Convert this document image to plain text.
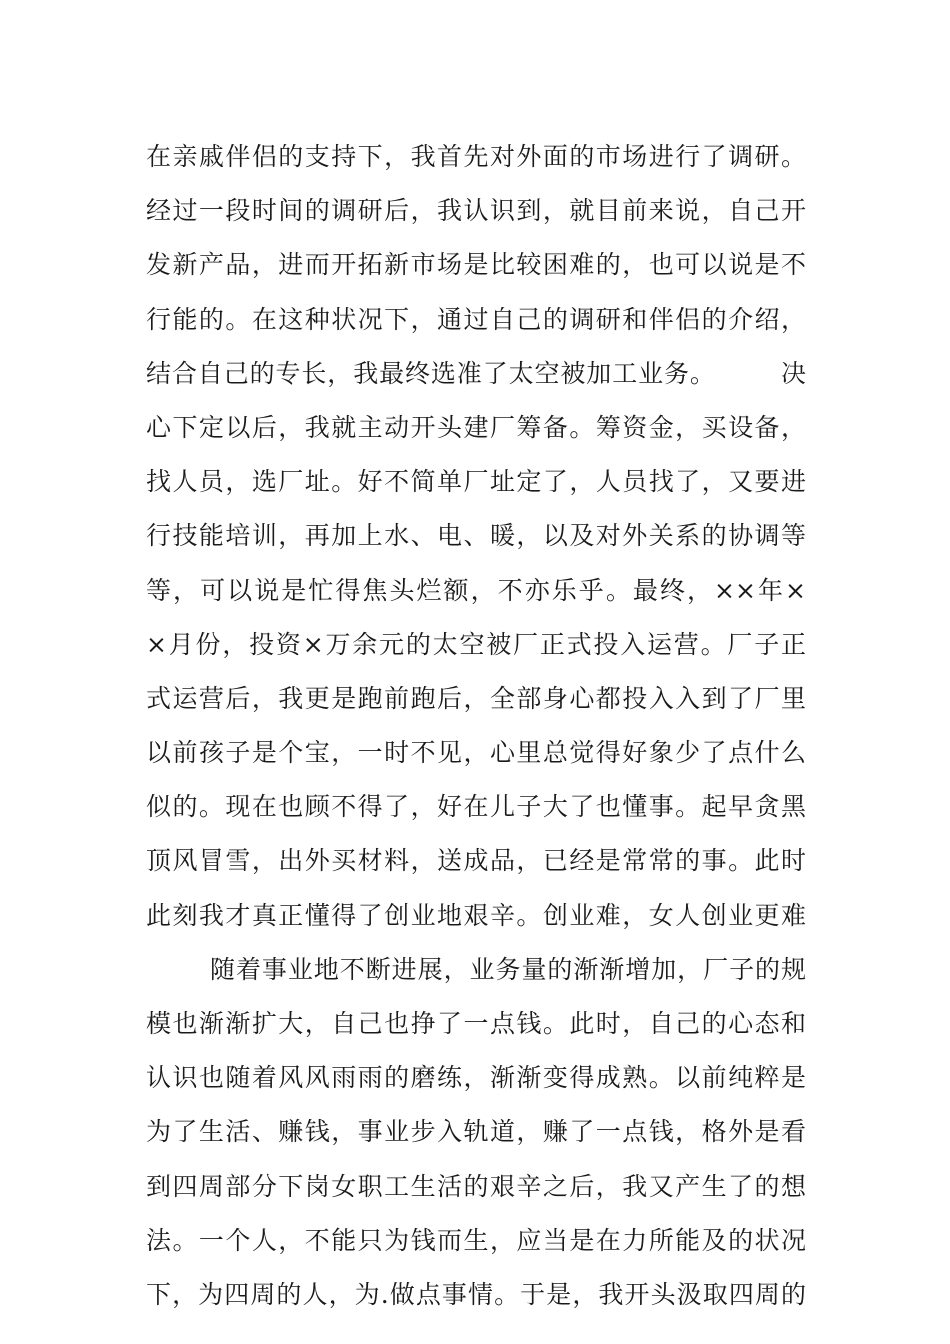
在亲戚伴侣的支持下，我首先对外面的市场进行了调研。
经过一段时间的调研后，我认识到，就目前来说，自己开
发新产品，进而开拓新市场是比较困难的，也可以说是不
行能的。在这种状况下，通过自己的调研和伴侣的介绍，
结合自己的专长，我最终选准了太空被加工业务。　　　决
心下定以后，我就主动开头建厂筹备。筹资金，买设备，
找人员，选厂址。好不简单厂址定了，人员找了，又要进
行技能培训，再加上水、电、暖，以及对外关系的协调等
等，可以说是忙得焦头烂额，不亦乐乎。最终，××年×
×月份，投资×万余元的太空被厂正式投入运营。厂子正
式运营后，我更是跑前跑后，全部身心都投入入到了厂里
以前孩子是个宝，一时不见，心里总觉得好象少了点什么
似的。现在也顾不得了，好在儿子大了也懂事。起早贪黑
顶风冒雪，出外买材料，送成品，已经是常常的事。此时
此刻我才真正懂得了创业地艰辛。创业难，女人创业更难
随着事业地不断进展，业务量的渐渐增加，厂子的规
模也渐渐扩大，自己也挣了一点钱。此时，自己的心态和
认识也随着风风雨雨的磨练，渐渐变得成熟。以前纯粹是
为了生活、赚钱，事业步入轨道，赚了一点钱，格外是看
到四周部分下岗女职工生活的艰辛之后，我又产生了的想
法。一个人，不能只为钱而生，应当是在力所能及的状况
下，为四周的人，为.做点事情。于是，我开头汲取四周的
